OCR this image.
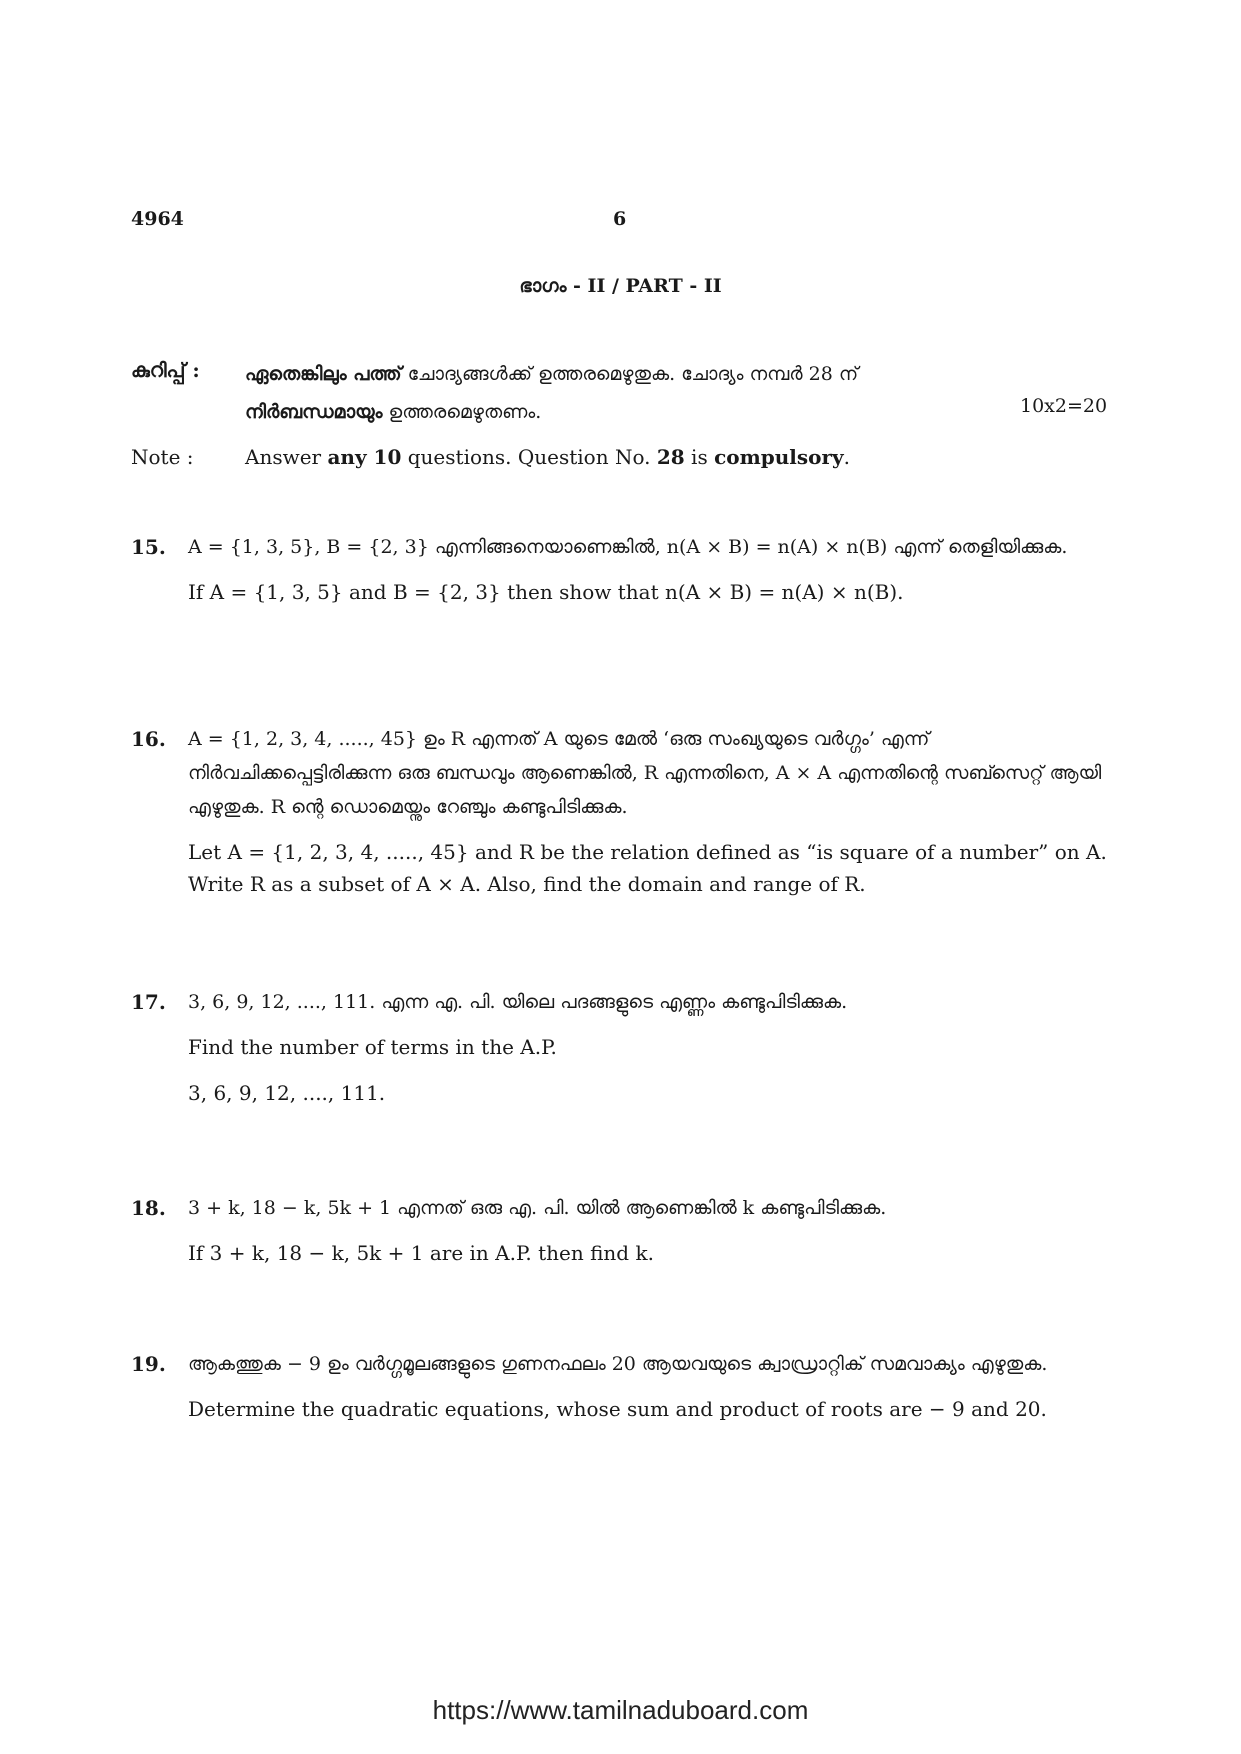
4964	6
ഭാഗം - II / PART - II
കുറിപ്പ് : ഏതെങ്കിലും പത്ത് ചോദ്യങ്ങൾക്ക് ഉത്തരമെഴുതുക. ചോദ്യം നമ്പർ 28 ന്
നിർബന്ധമായും ഉത്തരമെഴുതണം.	10x2=20
Note :	Answer any 10 questions. Question No. 28 is compulsory.
15. A = {1, 3, 5}, B = {2, 3} എന്നിങ്ങനെയാണെങ്കിൽ, n(A × B) = n(A) × n(B) എന്ന് തെളിയിക്കുക.

If A = {1, 3, 5} and B = {2, 3} then show that n(A × B) = n(A) × n(B).

16. A = {1, 2, 3, 4, ....., 45} ഉം R എന്നത് A യുടെ മേൽ ‘ഒരു സംഖ്യയുടെ വർഗ്ഗം’ എന്ന് നിർവചിക്കപ്പെട്ടിരിക്കുന്ന ഒരു ബന്ധവും ആണെങ്കിൽ, R എന്നതിനെ, A × A എന്നതിന്റെ സബ്സെറ്റ് ആയി എഴുതുക. R ന്റെ ഡൊമെയ്നും റേഞ്ചും കണ്ടുപിടിക്കുക.

Let A = {1, 2, 3, 4, ....., 45} and R be the relation defined as “is square of a number” on A. Write R as a subset of A × A. Also, find the domain and range of R.

17. 3, 6, 9, 12, ...., 111. എന്ന എ. പി. യിലെ പദങ്ങളുടെ എണ്ണം കണ്ടുപിടിക്കുക.

Find the number of terms in the A.P.

3, 6, 9, 12, ...., 111.

18. 3 + k, 18 − k, 5k + 1 എന്നത് ഒരു എ. പി. യിൽ ആണെങ്കിൽ k കണ്ടുപിടിക്കുക.

If 3 + k, 18 − k, 5k + 1 are in A.P. then find k.

19. ആകത്തുക − 9 ഉം വർഗ്ഗമൂലങ്ങളുടെ ഗുണനഫലം 20 ആയവയുടെ ക്വാഡ്രാറ്റിക് സമവാക്യം എഴുതുക.

Determine the quadratic equations, whose sum and product of roots are − 9 and 20.

https://www.tamilnaduboard.com
